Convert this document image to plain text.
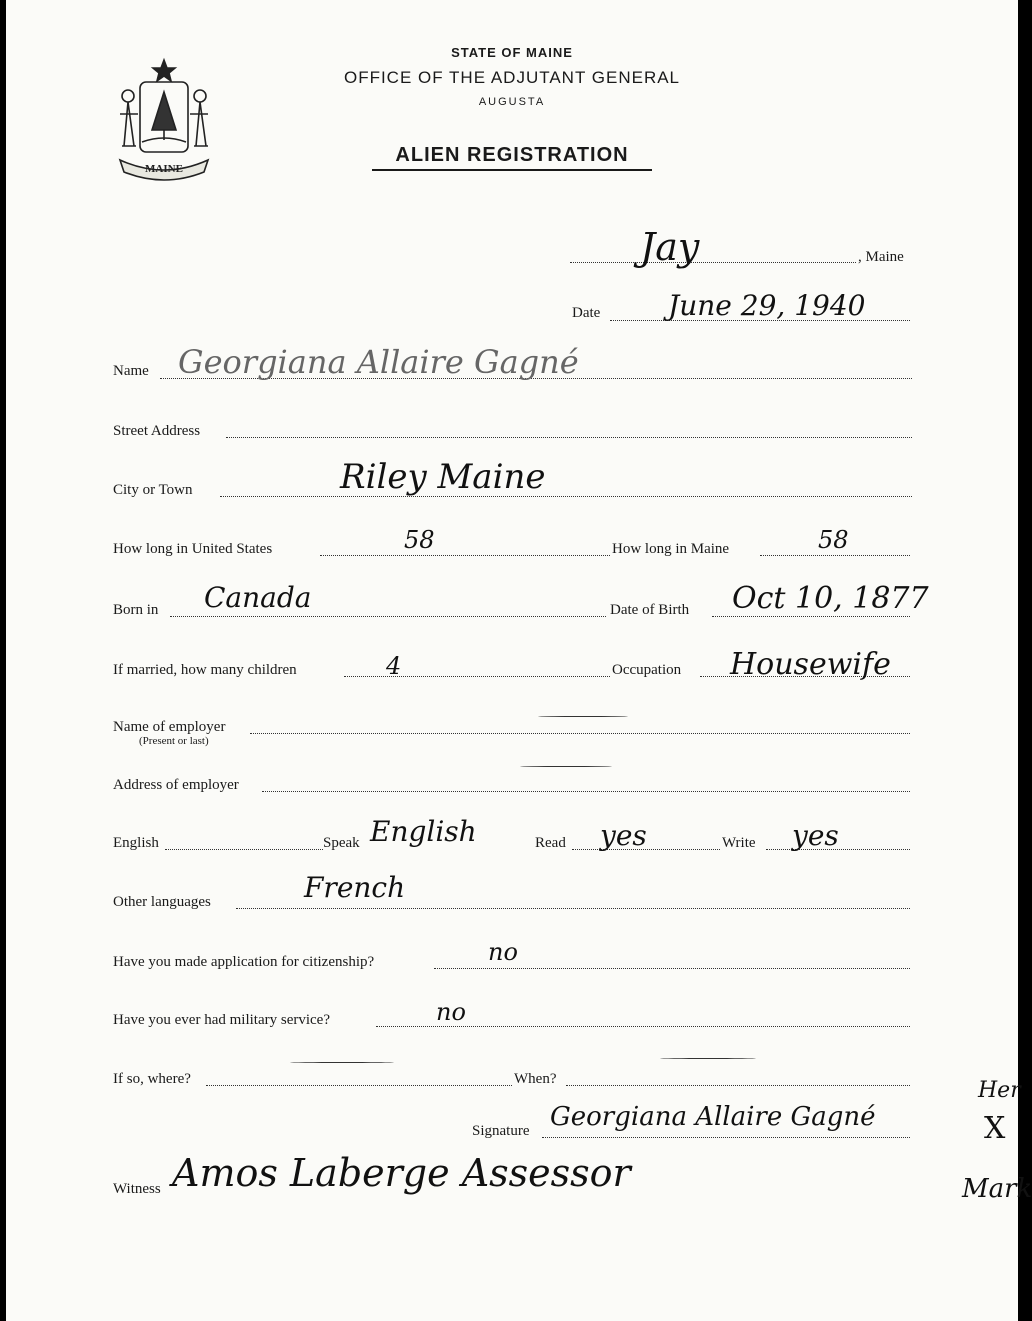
MAINE
STATE OF MAINE
OFFICE OF THE ADJUTANT GENERAL
AUGUSTA
ALIEN REGISTRATION
Jay	, Maine
Date June 29, 1940
Name Georgiana Allaire Gagné
Street Address
City or Town	Riley Maine
How long in United States	58	How long in Maine	58
Born in Canada	Date of Birth Oct 10, 1877
If married, how many children	4	Occupation Housewife
Name of employer
(Present or last)
Address of employer
English	Speak English	Read yes	Write yes
Other languages	French
Have you made application for citizenship?	no
Have you ever had military service?	no
If so, where?	When?
Signature Georgiana Allaire Gagné
Her
X
Mark
Witness Amos Laberge Assessor
